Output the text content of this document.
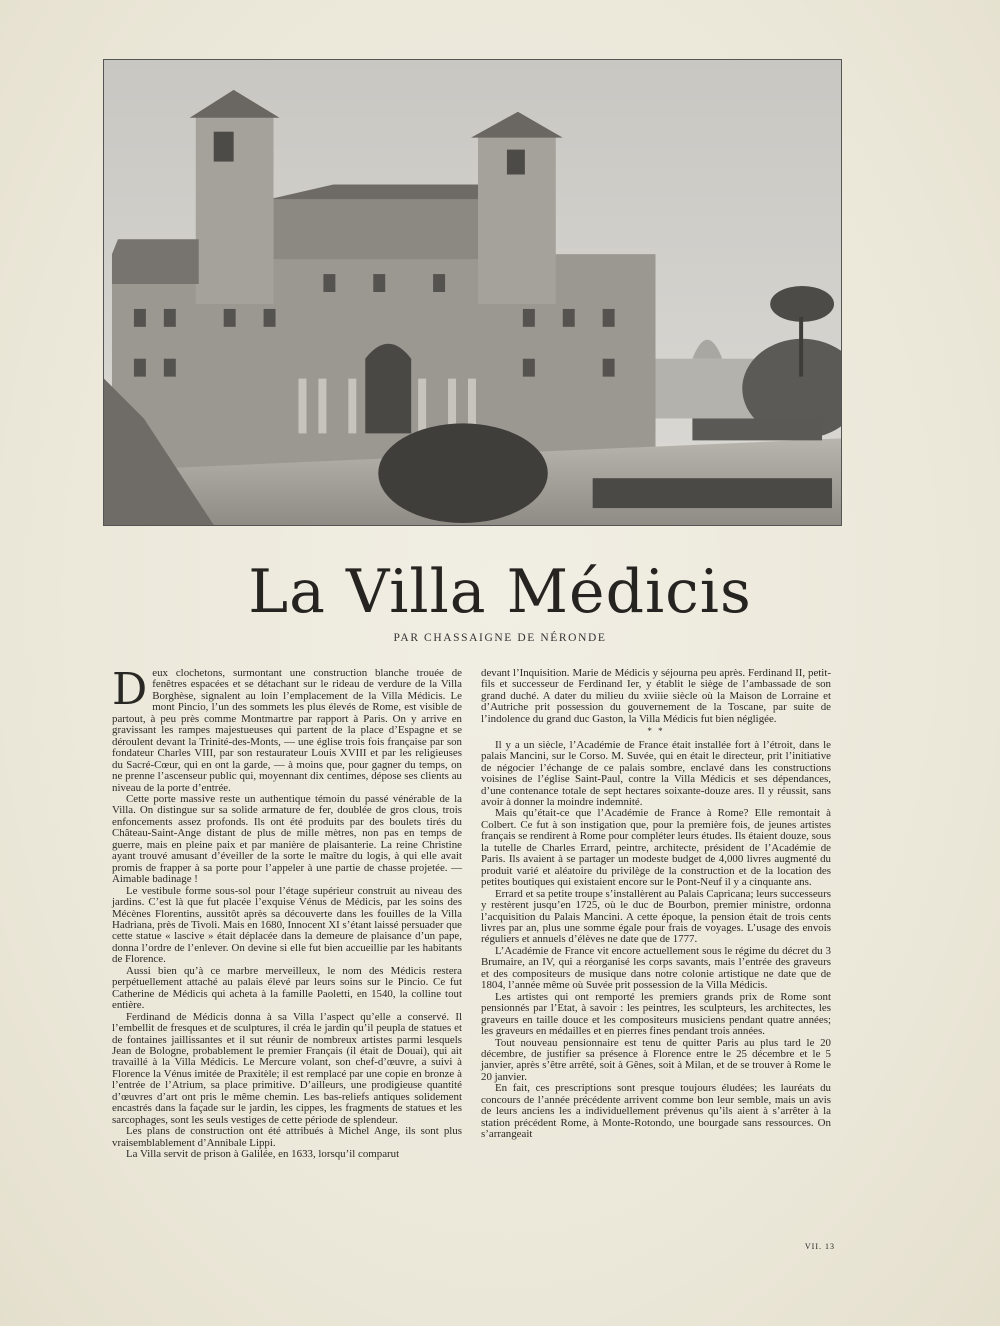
La Villa Médicis
PAR CHASSAIGNE DE NÉRONDE

Deux clochetons, surmontant une construction blanche trouée de fenêtres espacées et se détachant sur le rideau de verdure de la Villa Borghèse, signalent au loin l’emplacement de la Villa Médicis. Le mont Pincio, l’un des sommets les plus élevés de Rome, est visible de partout, à peu près comme Montmartre par rapport à Paris. On y arrive en gravissant les rampes majestueuses qui partent de la place d’Espagne et se déroulent devant la Trinité-des-Monts, — une église trois fois française par son fondateur Charles VIII, par son restaurateur Louis XVIII et par les religieuses du Sacré-Cœur, qui en ont la garde, — à moins que, pour gagner du temps, on ne prenne l’ascenseur public qui, moyennant dix centimes, dépose ses clients au niveau de la porte d’entrée.

Cette porte massive reste un authentique témoin du passé vénérable de la Villa. On distingue sur sa solide armature de fer, doublée de gros clous, trois enfoncements assez profonds. Ils ont été produits par des boulets tirés du Château-Saint-Ange distant de plus de mille mètres, non pas en temps de guerre, mais en pleine paix et par manière de plaisanterie. La reine Christine ayant trouvé amusant d’éveiller de la sorte le maître du logis, à qui elle avait promis de frapper à sa porte pour l’appeler à une partie de chasse projetée. — Aimable badinage !

Le vestibule forme sous-sol pour l’étage supérieur construit au niveau des jardins. C’est là que fut placée l’exquise Vénus de Médicis, par les soins des Mécènes Florentins, aussitôt après sa découverte dans les fouilles de la Villa Hadriana, près de Tivoli. Mais en 1680, Innocent XI s’étant laissé persuader que cette statue « lascive » était déplacée dans la demeure de plaisance d’un pape, donna l’ordre de l’enlever. On devine si elle fut bien accueillie par les habitants de Florence.

Aussi bien qu’à ce marbre merveilleux, le nom des Médicis restera perpétuellement attaché au palais élevé par leurs soins sur le Pincio. Ce fut Catherine de Médicis qui acheta à la famille Paoletti, en 1540, la colline tout entière.

Ferdinand de Médicis donna à sa Villa l’aspect qu’elle a conservé. Il l’embellit de fresques et de sculptures, il créa le jardin qu’il peupla de statues et de fontaines jaillissantes et il sut réunir de nombreux artistes parmi lesquels Jean de Bologne, probablement le premier Français (il était de Douai), qui ait travaillé à la Villa Médicis. Le Mercure volant, son chef-d’œuvre, a suivi à Florence la Vénus imitée de Praxitèle; il est remplacé par une copie en bronze à l’entrée de l’Atrium, sa place primitive. D’ailleurs, une prodigieuse quantité d’œuvres d’art ont pris le même chemin. Les bas-reliefs antiques solidement encastrés dans la façade sur le jardin, les cippes, les fragments de statues et les sarcophages, sont les seuls vestiges de cette période de splendeur.

Les plans de construction ont été attribués à Michel Ange, ils sont plus vraisemblablement d’Annibale Lippi.

La Villa servit de prison à Galilée, en 1633, lorsqu’il comparut

devant l’Inquisition. Marie de Médicis y séjourna peu après. Ferdinand II, petit-fils et successeur de Ferdinand Ier, y établit le siège de l’ambassade de son grand duché. A dater du milieu du xviiie siècle où la Maison de Lorraine et d’Autriche prit possession du gouvernement de la Toscane, par suite de l’indolence du grand duc Gaston, la Villa Médicis fut bien négligée.

* *

Il y a un siècle, l’Académie de France était installée fort à l’étroit, dans le palais Mancini, sur le Corso. M. Suvée, qui en était le directeur, prit l’initiative de négocier l’échange de ce palais sombre, enclavé dans les constructions voisines de l’église Saint-Paul, contre la Villa Médicis et ses dépendances, d’une contenance totale de sept hectares soixante-douze ares. Il y réussit, sans avoir à donner la moindre indemnité.

Mais qu’était-ce que l’Académie de France à Rome? Elle remontait à Colbert. Ce fut à son instigation que, pour la première fois, de jeunes artistes français se rendirent à Rome pour compléter leurs études. Ils étaient douze, sous la tutelle de Charles Errard, peintre, architecte, président de l’Académie de Paris. Ils avaient à se partager un modeste budget de 4,000 livres augmenté du produit varié et aléatoire du privilège de la construction et de la location des petites boutiques qui existaient encore sur le Pont-Neuf il y a cinquante ans.

Errard et sa petite troupe s’installèrent au Palais Capricana; leurs successeurs y restèrent jusqu’en 1725, où le duc de Bourbon, premier ministre, ordonna l’acquisition du Palais Mancini. A cette époque, la pension était de trois cents livres par an, plus une somme égale pour frais de voyages. L’usage des envois réguliers et annuels d’élèves ne date que de 1777.

L’Académie de France vit encore actuellement sous le régime du décret du 3 Brumaire, an IV, qui a réorganisé les corps savants, mais l’entrée des graveurs et des compositeurs de musique dans notre colonie artistique ne date que de 1804, l’année même où Suvée prit possession de la Villa Médicis.

Les artistes qui ont remporté les premiers grands prix de Rome sont pensionnés par l’Etat, à savoir : les peintres, les sculpteurs, les architectes, les graveurs en taille douce et les compositeurs musiciens pendant quatre années; les graveurs en médailles et en pierres fines pendant trois années.

Tout nouveau pensionnaire est tenu de quitter Paris au plus tard le 20 décembre, de justifier sa présence à Florence entre le 25 décembre et le 5 janvier, après s’être arrêté, soit à Gênes, soit à Milan, et de se trouver à Rome le 20 janvier.

En fait, ces prescriptions sont presque toujours éludées; les lauréats du concours de l’année précédente arrivent comme bon leur semble, mais un avis de leurs anciens les a individuellement prévenus qu’ils aient à s’arrêter à la station précédent Rome, à Monte-Rotondo, une bourgade sans ressources. On s’arrangeait

VII. 13
